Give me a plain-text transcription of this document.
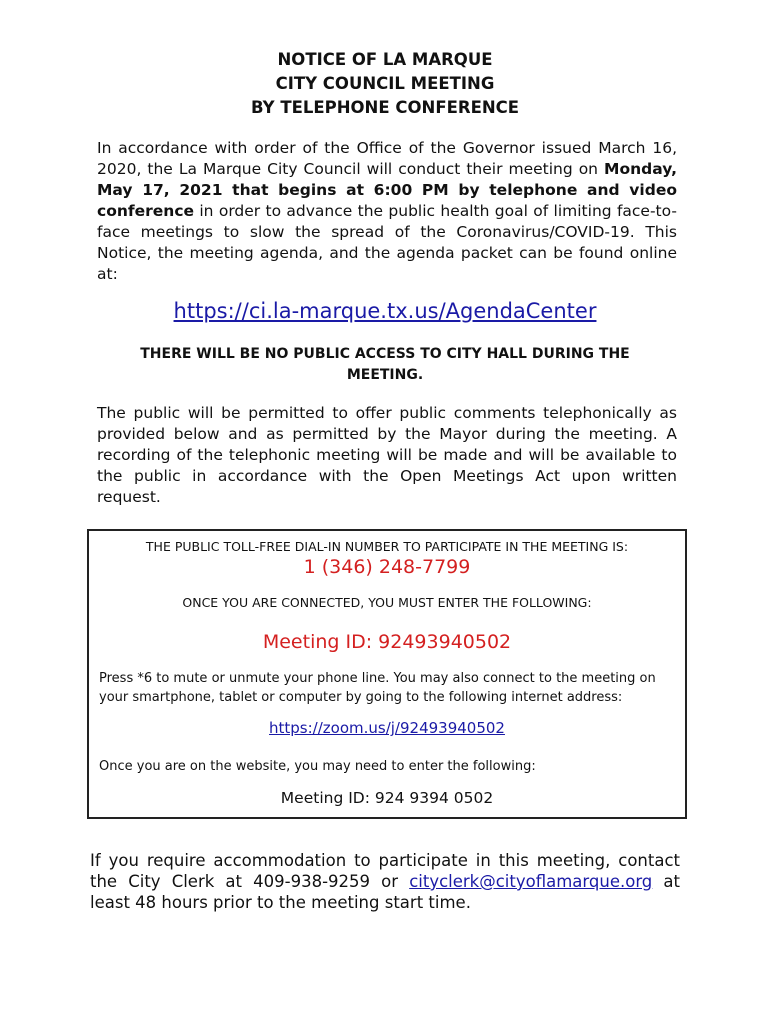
NOTICE OF LA MARQUE
CITY COUNCIL MEETING
BY TELEPHONE CONFERENCE
In accordance with order of the Office of the Governor issued March 16, 2020, the La Marque City Council will conduct their meeting on Monday, May 17, 2021 that begins at 6:00 PM by telephone and video conference in order to advance the public health goal of limiting face-to-face meetings to slow the spread of the Coronavirus/COVID-19. This Notice, the meeting agenda, and the agenda packet can be found online at:
https://ci.la-marque.tx.us/AgendaCenter
THERE WILL BE NO PUBLIC ACCESS TO CITY HALL DURING THE MEETING.
The public will be permitted to offer public comments telephonically as provided below and as permitted by the Mayor during the meeting. A recording of the telephonic meeting will be made and will be available to the public in accordance with the Open Meetings Act upon written request.
THE PUBLIC TOLL-FREE DIAL-IN NUMBER TO PARTICIPATE IN THE MEETING IS:
1 (346) 248-7799
ONCE YOU ARE CONNECTED, YOU MUST ENTER THE FOLLOWING:
Meeting ID: 92493940502
Press *6 to mute or unmute your phone line. You may also connect to the meeting on your smartphone, tablet or computer by going to the following internet address:
https://zoom.us/j/92493940502
Once you are on the website, you may need to enter the following:
Meeting ID: 924 9394 0502
If you require accommodation to participate in this meeting, contact the City Clerk at 409-938-9259 or cityclerk@cityoflamarque.org at least 48 hours prior to the meeting start time.
